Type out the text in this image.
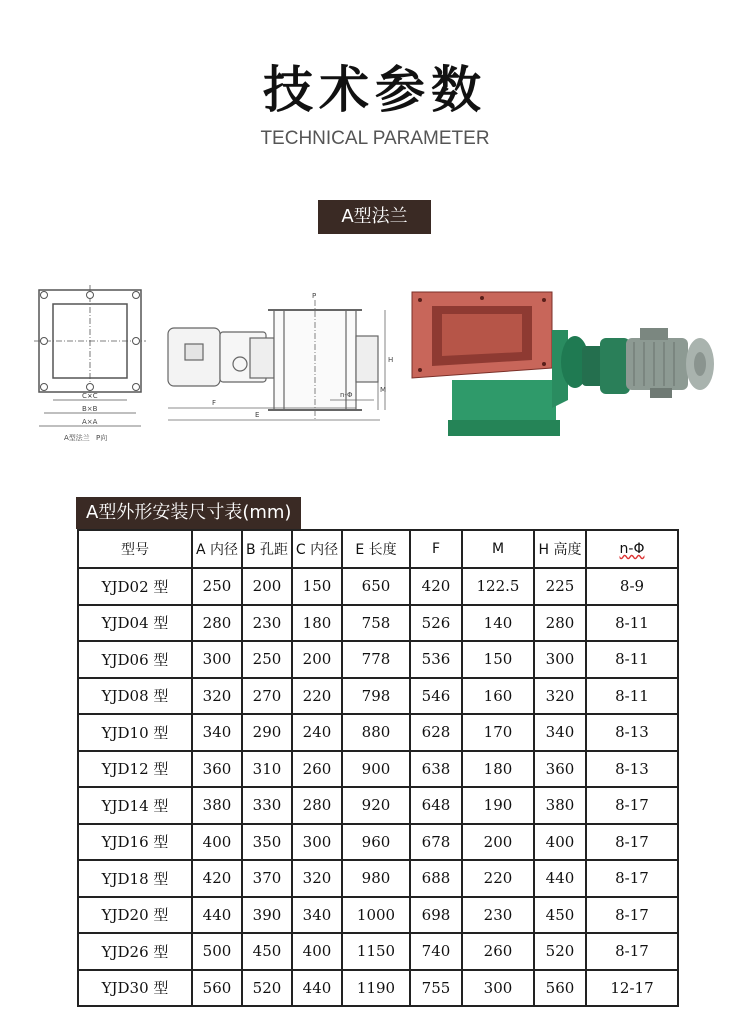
技术参数
TECHNICAL PARAMETER
A型法兰
C×C
B×B
A×A
A型法兰 P向
P
F
E
H
M
n-Φ
A型外形安装尺寸表(mm)
型号	A 内径	B 孔距	C 内径	E 长度	F	M	H 高度	n-Φ
YJD02 型	250	200	150	650	420	122.5	225	8-9
YJD04 型	280	230	180	758	526	140	280	8-11
YJD06 型	300	250	200	778	536	150	300	8-11
YJD08 型	320	270	220	798	546	160	320	8-11
YJD10 型	340	290	240	880	628	170	340	8-13
YJD12 型	360	310	260	900	638	180	360	8-13
YJD14 型	380	330	280	920	648	190	380	8-17
YJD16 型	400	350	300	960	678	200	400	8-17
YJD18 型	420	370	320	980	688	220	440	8-17
YJD20 型	440	390	340	1000	698	230	450	8-17
YJD26 型	500	450	400	1150	740	260	520	8-17
YJD30 型	560	520	440	1190	755	300	560	12-17
